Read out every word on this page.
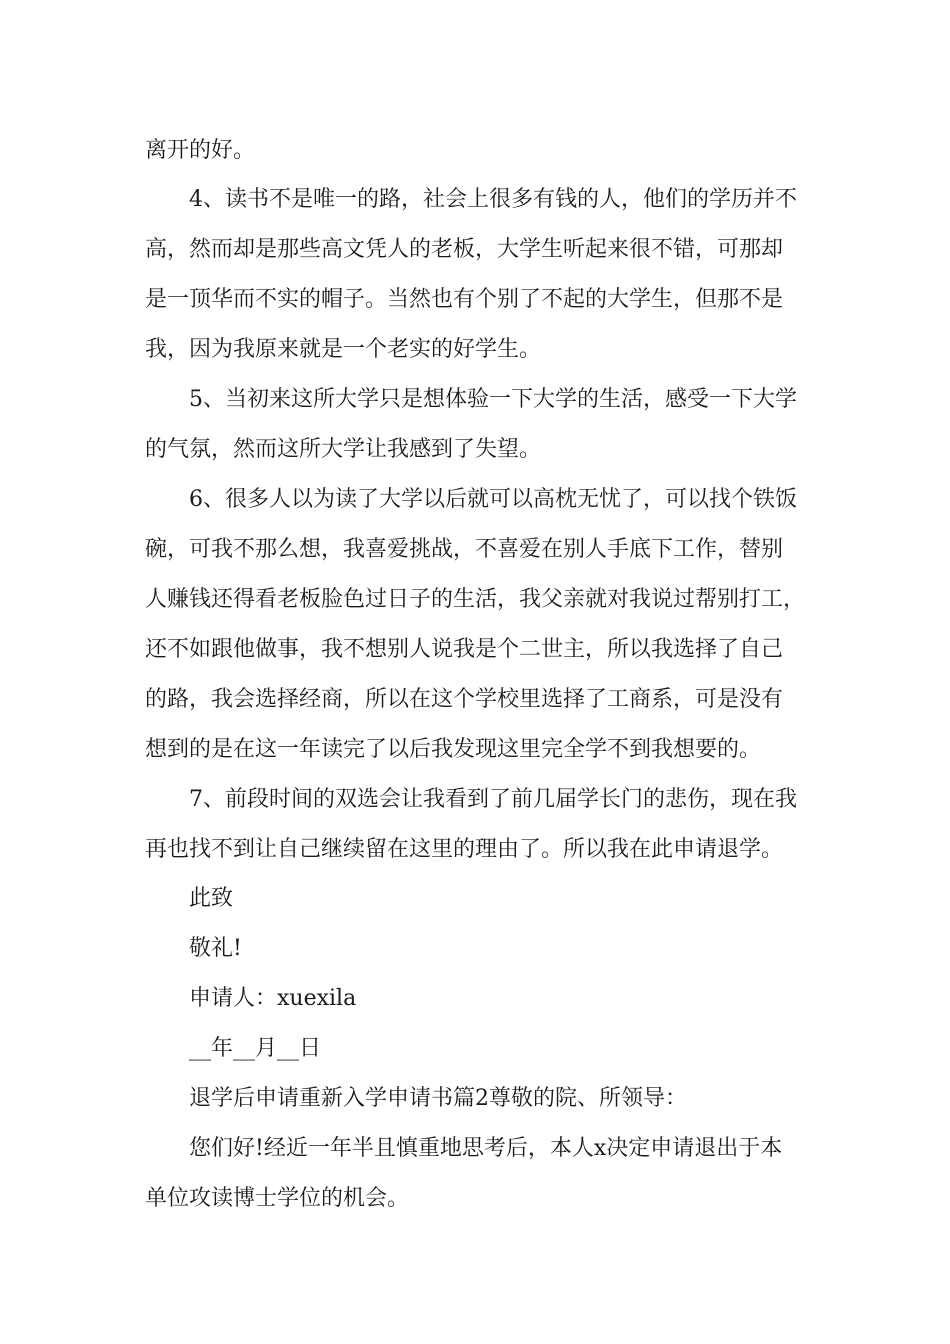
离开的好。
4、读书不是唯一的路，社会上很多有钱的人，他们的学历并不
高，然而却是那些高文凭人的老板，大学生听起来很不错，可那却
是一顶华而不实的帽子。当然也有个别了不起的大学生，但那不是
我，因为我原来就是一个老实的好学生。
5、当初来这所大学只是想体验一下大学的生活，感受一下大学
的气氛，然而这所大学让我感到了失望。
6、很多人以为读了大学以后就可以高枕无忧了，可以找个铁饭
碗，可我不那么想，我喜爱挑战，不喜爱在别人手底下工作，替别
人赚钱还得看老板脸色过日子的生活，我父亲就对我说过帮别打工，
还不如跟他做事，我不想别人说我是个二世主，所以我选择了自己
的路，我会选择经商，所以在这个学校里选择了工商系，可是没有
想到的是在这一年读完了以后我发现这里完全学不到我想要的。
7、前段时间的双选会让我看到了前几届学长门的悲伤，现在我
再也找不到让自己继续留在这里的理由了。所以我在此申请退学。
此致
敬礼!
申请人：xuexila
__年__月__日
退学后申请重新入学申请书篇2尊敬的院、所领导：
您们好!经近一年半且慎重地思考后，本人x决定申请退出于本
单位攻读博士学位的机会。
